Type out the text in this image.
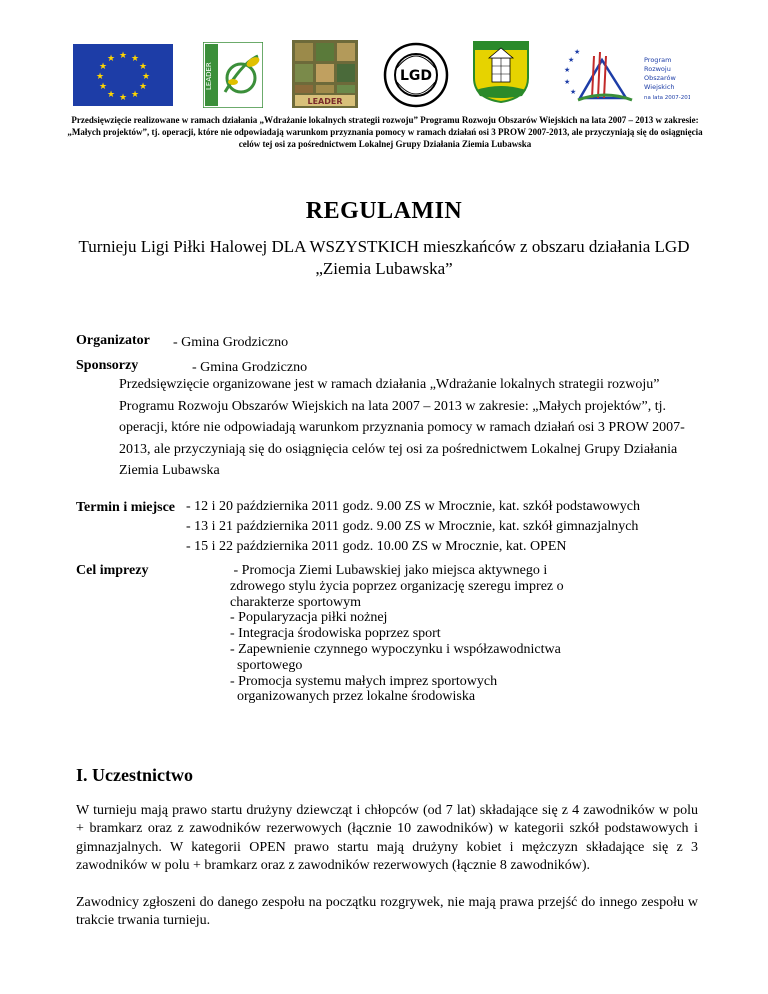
★ ★
★
★
★
★
★
★
★
★
★
★
LEADER
LEADER
LGD	★
★
★
★
★
Program
Rozwoju
Obszarów
Wiejskich
na lata 2007-2013
Przedsięwzięcie realizowane w ramach działania „Wdrażanie lokalnych strategii rozwoju” Programu Rozwoju Obszarów Wiejskich na lata 2007 – 2013 w zakresie: „Małych projektów”, tj. operacji, które nie odpowiadają warunkom przyznania pomocy w ramach działań osi 3 PROW 2007-2013, ale przyczyniają się do osiągnięcia celów tej osi za pośrednictwem Lokalnej Grupy Działania Ziemia Lubawska
REGULAMIN
Turnieju Ligi Piłki Halowej DLA WSZYSTKICH mieszkańców z obszaru działania LGD „Ziemia Lubawska”
Organizator - Gmina Grodziczno
Sponsorzy	- Gmina Grodziczno
Przedsięwzięcie organizowane jest w ramach działania „Wdrażanie lokalnych strategii rozwoju” Programu Rozwoju Obszarów Wiejskich na lata 2007 – 2013 w zakresie: „Małych projektów”, tj. operacji, które nie odpowiadają warunkom przyznania pomocy w ramach działań osi 3 PROW 2007-2013, ale przyczyniają się do osiągnięcia celów tej osi za pośrednictwem Lokalnej Grupy Działania Ziemia Lubawska
Termin i miejsce - 12 i 20 października 2011 godz. 9.00 ZS w Mrocznie, kat. szkół podstawowych
- 13 i 21 października 2011 godz. 9.00 ZS w Mrocznie, kat. szkół gimnazjalnych
- 15 i 22 października 2011 godz. 10.00 ZS w Mrocznie, kat. OPEN
Cel imprezy	- Promocja Ziemi Lubawskiej jako miejsca aktywnego i
zdrowego stylu życia poprzez organizację szeregu imprez o
charakterze sportowym
- Popularyzacja piłki nożnej
- Integracja środowiska poprzez sport
- Zapewnienie czynnego wypoczynku i współzawodnictwa
sportowego
- Promocja systemu małych imprez sportowych
organizowanych przez lokalne środowiska
I. Uczestnictwo
W turnieju mają prawo startu drużyny dziewcząt i chłopców (od 7 lat) składające się z 4 zawodników w polu + bramkarz oraz z zawodników rezerwowych (łącznie 10 zawodników) w kategorii szkół podstawowych i gimnazjalnych. W kategorii OPEN prawo startu mają drużyny kobiet i mężczyzn składające się z 3 zawodników w polu + bramkarz oraz z zawodników rezerwowych (łącznie 8 zawodników).
Zawodnicy zgłoszeni do danego zespołu na początku rozgrywek, nie mają prawa przejść do innego zespołu w trakcie trwania turnieju.
